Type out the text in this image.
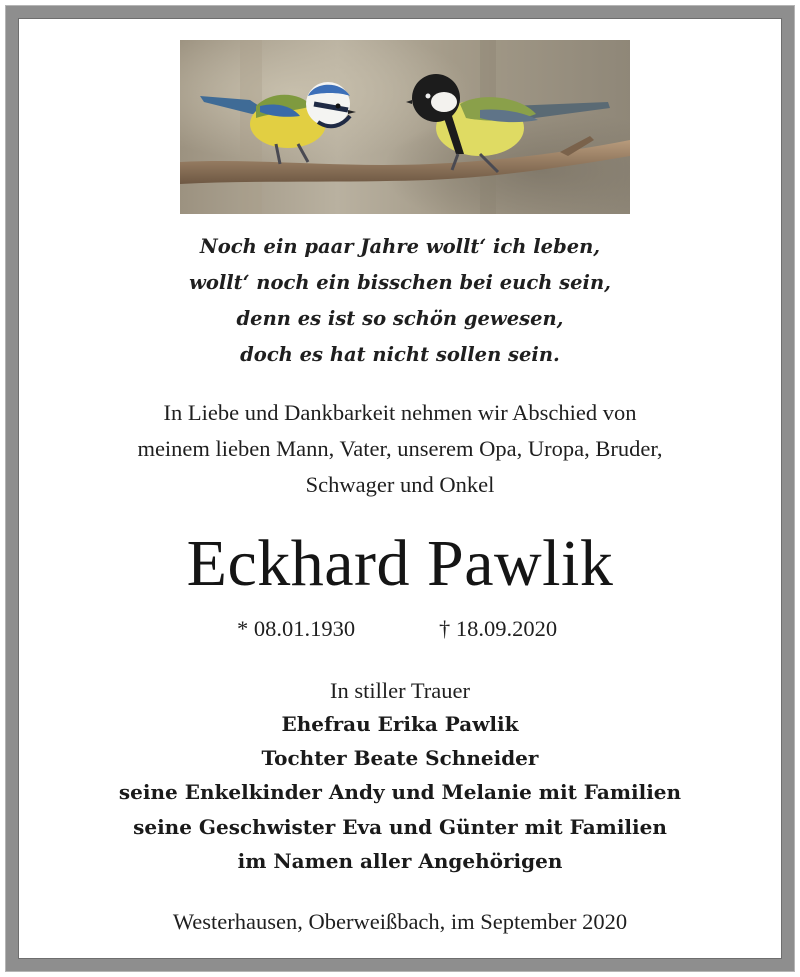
Noch ein paar Jahre wollt‘ ich leben,
wollt‘ noch ein bisschen bei euch sein,
denn es ist so schön gewesen,
doch es hat nicht sollen sein.
In Liebe und Dankbarkeit nehmen wir Abschied von
meinem lieben Mann, Vater, unserem Opa, Uropa, Bruder,
Schwager und Onkel
Eckhard Pawlik
* 08.01.1930	† 18.09.2020
In stiller Trauer
Ehefrau Erika Pawlik
Tochter Beate Schneider
seine Enkelkinder Andy und Melanie mit Familien
seine Geschwister Eva und Günter mit Familien
im Namen aller Angehörigen
Westerhausen, Oberweißbach, im September 2020
